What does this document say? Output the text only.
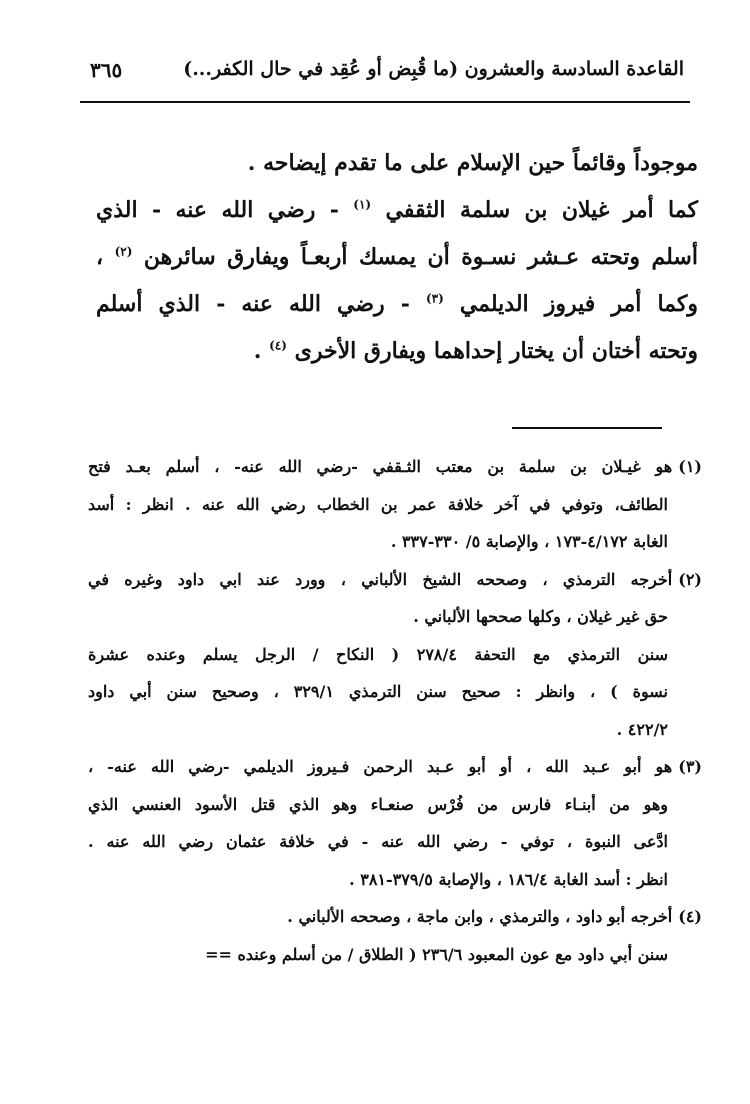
القاعدة السادسة والعشرون (ما قُبِض أو عُقِد في حال الكفر...)
٣٦٥
موجوداً وقائماً حين الإسلام على ما تقدم إيضاحه .
كما أمر غيلان بن سلمة الثقفي $^{(١)}$ - رضي الله عنه - الذي
أسلم وتحته عـشر نسـوة أن يمسك أربعـاً ويفارق سائرهن $^{(٢)}$ ،
وكما أمر فيروز الديلمي $^{(٣)}$ - رضي الله عنه - الذي أسلم
وتحته أختان أن يختار إحداهما ويفارق الأخرى $^{(٤)}$ .
(١)هو غيـلان بن سلمة بن معتب الثـقفي -رضي الله عنه- ، أسلم بعـد فتح
الطائف، وتوفي في آخر خلافة عمر بن الخطاب رضي الله عنه . انظر : أسد
الغابة ٤/١٧٢-١٧٣ ، والإصابة ٥/ ٣٣٠-٣٣٧ .
(٢)أخرجه الترمذي ، وصححه الشيخ الألباني ، وورد عند ابي داود وغيره في
حق غير غيلان ، وكلها صححها الألباني .
سنن الترمذي مع التحفة ٢٧٨/٤ ( النكاح / الرجل يسلم وعنده عشرة
نسوة ) ، وانظر : صحيح سنن الترمذي ٣٢٩/١ ، وصحيح سنن أبي داود
٤٢٢/٢ .
(٣)هو أبو عـبد الله ، أو أبو عـبد الرحمن فـيروز الديلمي -رضي الله عنه- ،
وهو من أبنـاء فارس من فُرْس صنعـاء وهو الذي قتل الأسود العنسي الذي
ادَّعى النبوة ، توفي - رضي الله عنه - في خلافة عثمان رضي الله عنه .
انظر : أسد الغابة ١٨٦/٤ ، والإصابة ٣٧٩/٥-٣٨١ .
(٤)أخرجه أبو داود ، والترمذي ، وابن ماجة ، وصححه الألباني .
سنن أبي داود مع عون المعبود ٢٣٦/٦ ( الطلاق / من أسلم وعنده ==
